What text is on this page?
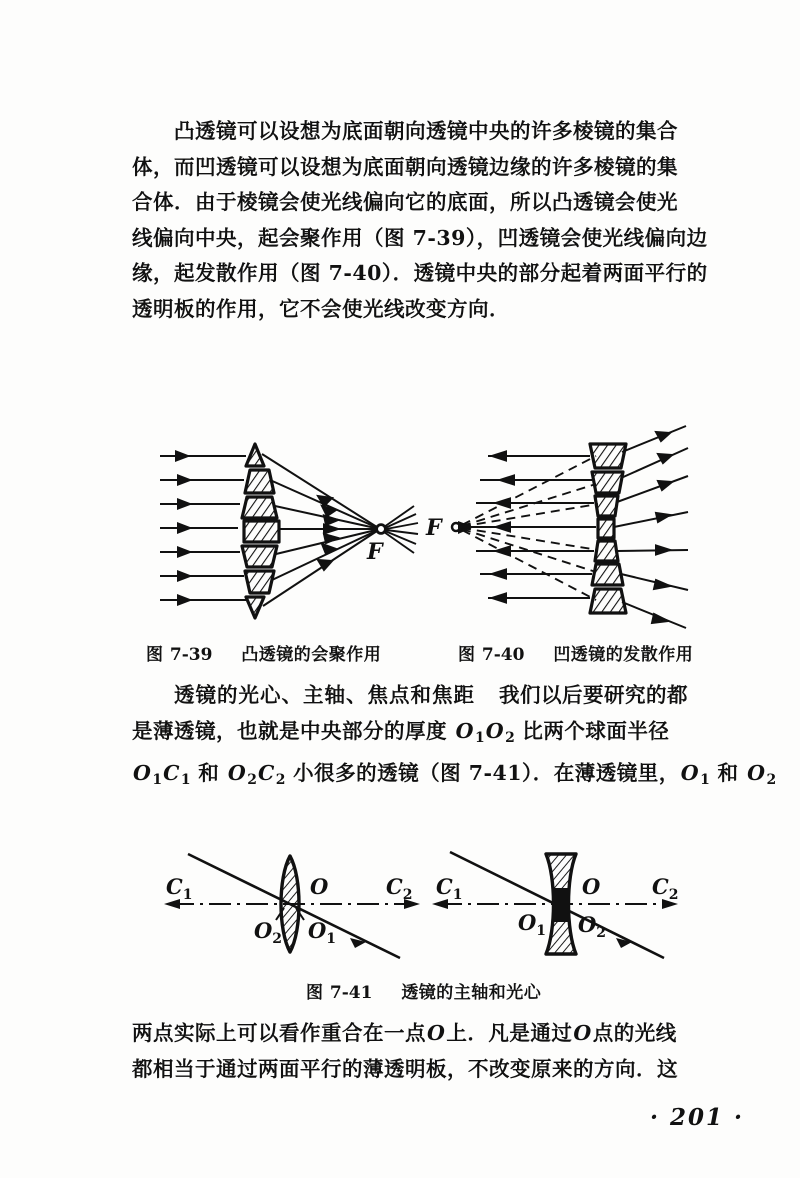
凸透镜可以设想为底面朝向透镜中央的许多棱镜的集合
体，而凹透镜可以设想为底面朝向透镜边缘的许多棱镜的集
合体．由于棱镜会使光线偏向它的底面，所以凸透镜会使光
线偏向中央，起会聚作用（图 7-39），凹透镜会使光线偏向边
缘，起发散作用（图 7-40）．透镜中央的部分起着两面平行的
透明板的作用，它不会使光线改变方向．
F
F
图 7-39 凸透镜的会聚作用	图 7-40 凹透镜的发散作用
透镜的光心、主轴、焦点和焦距 我们以后要研究的都
是薄透镜，也就是中央部分的厚度 $O_1O_2$ 比两个球面半径
$O_1C_1$ 和 $O_2C_2$ 小很多的透镜（图 7-41）．在薄透镜里，$O_1$ 和 $O_2$
$C_1$	$C_2$
O
$O_2$ $O_1$
$C_1$	$C_2$
O
$O_1$ $O_2$
图 7-41 透镜的主轴和光心
两点实际上可以看作重合在一点O上．凡是通过O点的光线
都相当于通过两面平行的薄透明板，不改变原来的方向．这
· 201 ·
